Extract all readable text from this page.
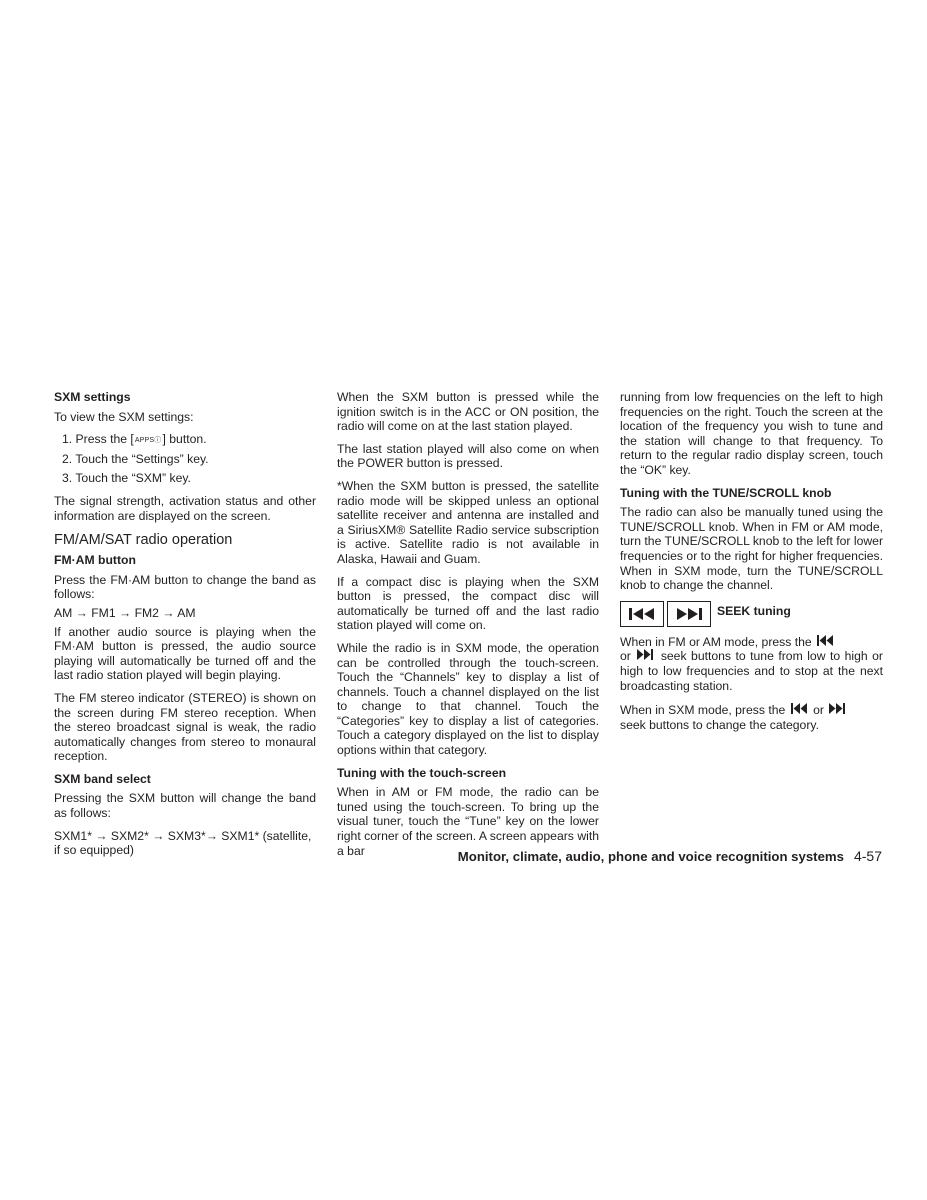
SXM settings

To view the SXM settings:

1. Press the [APPSⓘ] button.
2. Touch the “Settings” key.
3. Touch the “SXM” key.

The signal strength, activation status and other information are displayed on the screen.

FM/AM/SAT radio operation

FM·AM button

Press the FM·AM button to change the band as follows:

AM → FM1 → FM2 → AM

If another audio source is playing when the FM·AM button is pressed, the audio source playing will automatically be turned off and the last radio station played will begin playing.

The FM stereo indicator (STEREO) is shown on the screen during FM stereo reception. When the stereo broadcast signal is weak, the radio automatically changes from stereo to monaural reception.

SXM band select

Pressing the SXM button will change the band as follows:

SXM1* → SXM2* → SXM3*→ SXM1* (satellite, if so equipped)

When the SXM button is pressed while the ignition switch is in the ACC or ON position, the radio will come on at the last station played.

The last station played will also come on when the POWER button is pressed.

*When the SXM button is pressed, the satellite radio mode will be skipped unless an optional satellite receiver and antenna are installed and a SiriusXM® Satellite Radio service subscription is active. Satellite radio is not available in Alaska, Hawaii and Guam.

If a compact disc is playing when the SXM button is pressed, the compact disc will automatically be turned off and the last radio station played will come on.

While the radio is in SXM mode, the operation can be controlled through the touch-screen. Touch the “Channels” key to display a list of channels. Touch a channel displayed on the list to change to that channel. Touch the “Categories” key to display a list of categories. Touch a category displayed on the list to display options within that category.

Tuning with the touch-screen

When in AM or FM mode, the radio can be tuned using the touch-screen. To bring up the visual tuner, touch the “Tune” key on the lower right corner of the screen. A screen appears with a bar

running from low frequencies on the left to high frequencies on the right. Touch the screen at the location of the frequency you wish to tune and the station will change to that frequency. To return to the regular radio display screen, touch the “OK” key.

Tuning with the TUNE/SCROLL knob

The radio can also be manually tuned using the TUNE/SCROLL knob. When in FM or AM mode, turn the TUNE/SCROLL knob to the left for lower frequencies or to the right for higher frequencies. When in SXM mode, turn the TUNE/SCROLL knob to change the channel.

SEEK tuning

When in FM or AM mode, press the
or seek buttons to tune from low to high or high to low frequencies and to stop at the next broadcasting station.

When in SXM mode, press the or
seek buttons to change the category.

Monitor, climate, audio, phone and voice recognition systems 4-57
